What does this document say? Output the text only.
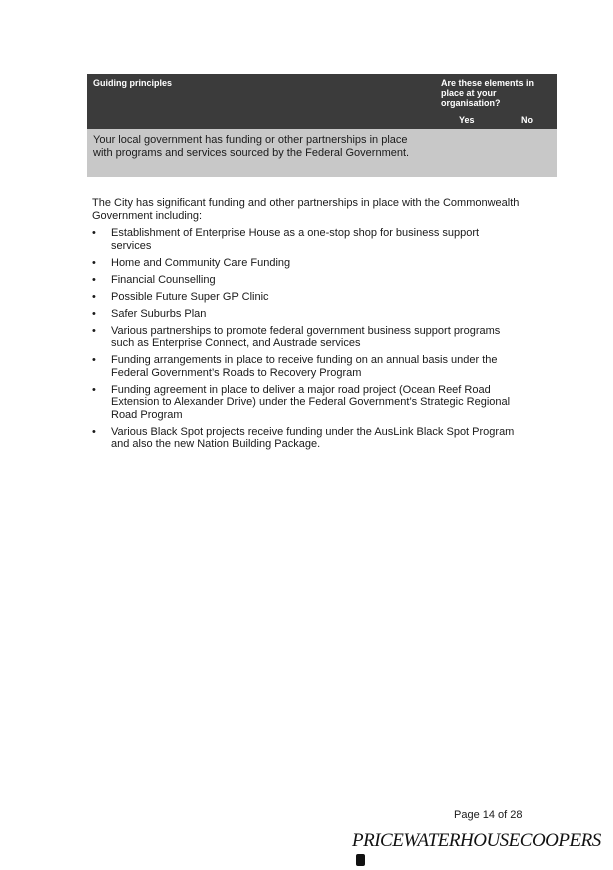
Guiding principles	Are these elements in place at your organisation?
Yes	No
Your local government has funding or other partnerships in place with programs and services sourced by the Federal Government.

The City has significant funding and other partnerships in place with the Commonwealth Government including:

• Establishment of Enterprise House as a one-stop shop for business support services
• Home and Community Care Funding
• Financial Counselling
• Possible Future Super GP Clinic
• Safer Suburbs Plan
• Various partnerships to promote federal government business support programs such as Enterprise Connect, and Austrade services
• Funding arrangements in place to receive funding on an annual basis under the Federal Government’s Roads to Recovery Program
• Funding agreement in place to deliver a major road project (Ocean Reef Road Extension to Alexander Drive) under the Federal Government’s Strategic Regional Road Program
• Various Black Spot projects receive funding under the AusLink Black Spot Program and also the new Nation Building Package.
Page 14 of 28
PRICEWATERHOUSECOOPERS
